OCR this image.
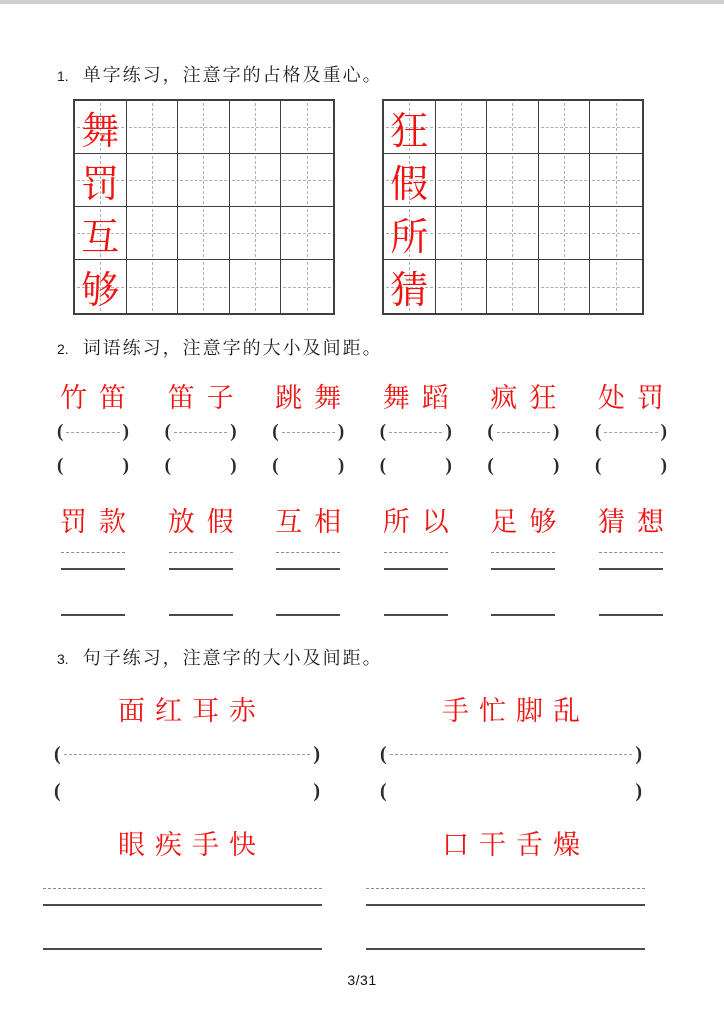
1. 单字练习，注意字的占格及重心。
舞
罚
互
够
狂
假
所
猜
2. 词语练习，注意字的大小及间距。
竹笛 笛子 跳舞 舞蹈 疯狂 处罚
(	) (	) (	) (	) (	) (	)
(	) (	) (	) (	) (	) (	)
罚款 放假 互相 所以 足够 猜想
3. 句子练习，注意字的大小及间距。
面红耳赤	手忙脚乱
(	)	(	)
(	)	(	)
眼疾手快	口干舌燥
3/31
